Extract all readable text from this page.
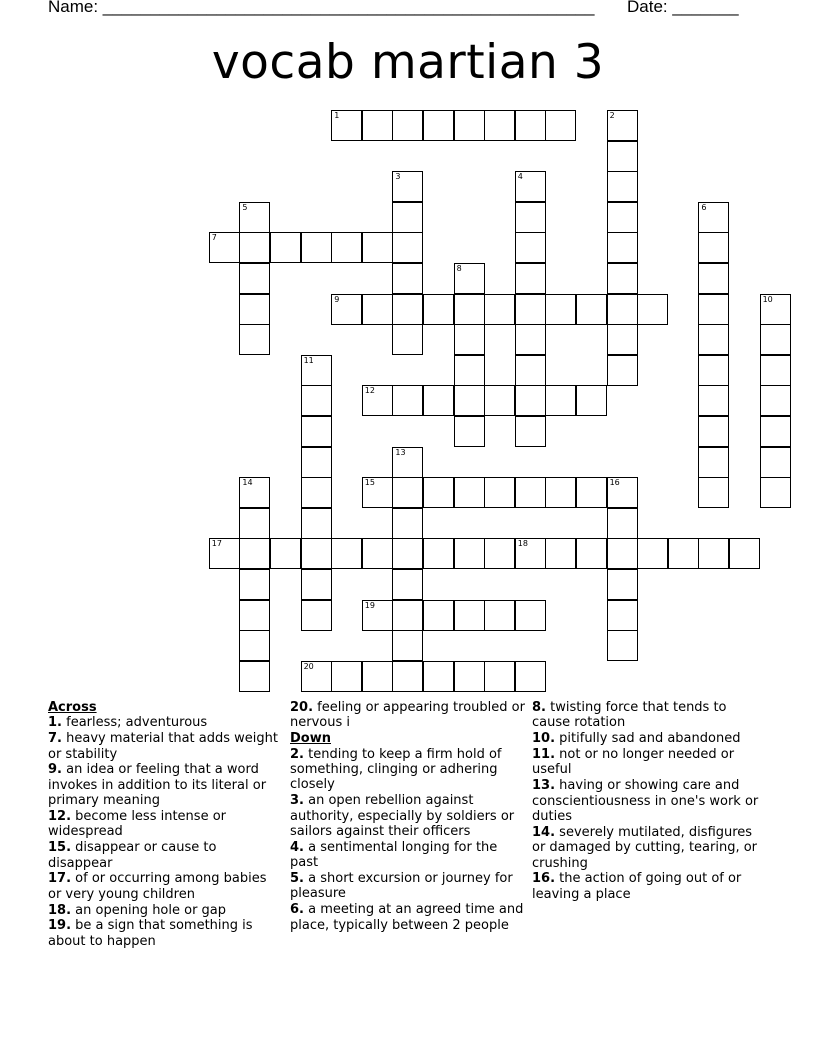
Name: ____________________________________________________ Date: _______
vocab martian 3
1	2
3	4
5	6
7
8
9	10
11
12
13
14	15	16
17	18
19
20
Across
1. fearless; adventurous
7. heavy material that adds weight or stability
9. an idea or feeling that a word invokes in addition to its literal or primary meaning
12. become less intense or widespread
15. disappear or cause to disappear
17. of or occurring among babies or very young children
18. an opening hole or gap
19. be a sign that something is about to happen
20. feeling or appearing troubled or nervous i
Down
2. tending to keep a firm hold of something, clinging or adhering closely
3. an open rebellion against authority, especially by soldiers or sailors against their officers
4. a sentimental longing for the past
5. a short excursion or journey for pleasure
6. a meeting at an agreed time and place, typically between 2 people
8. twisting force that tends to cause rotation
10. pitifully sad and abandoned
11. not or no longer needed or useful
13. having or showing care and conscientiousness in one's work or duties
14. severely mutilated, disfigures or damaged by cutting, tearing, or crushing
16. the action of going out of or leaving a place
